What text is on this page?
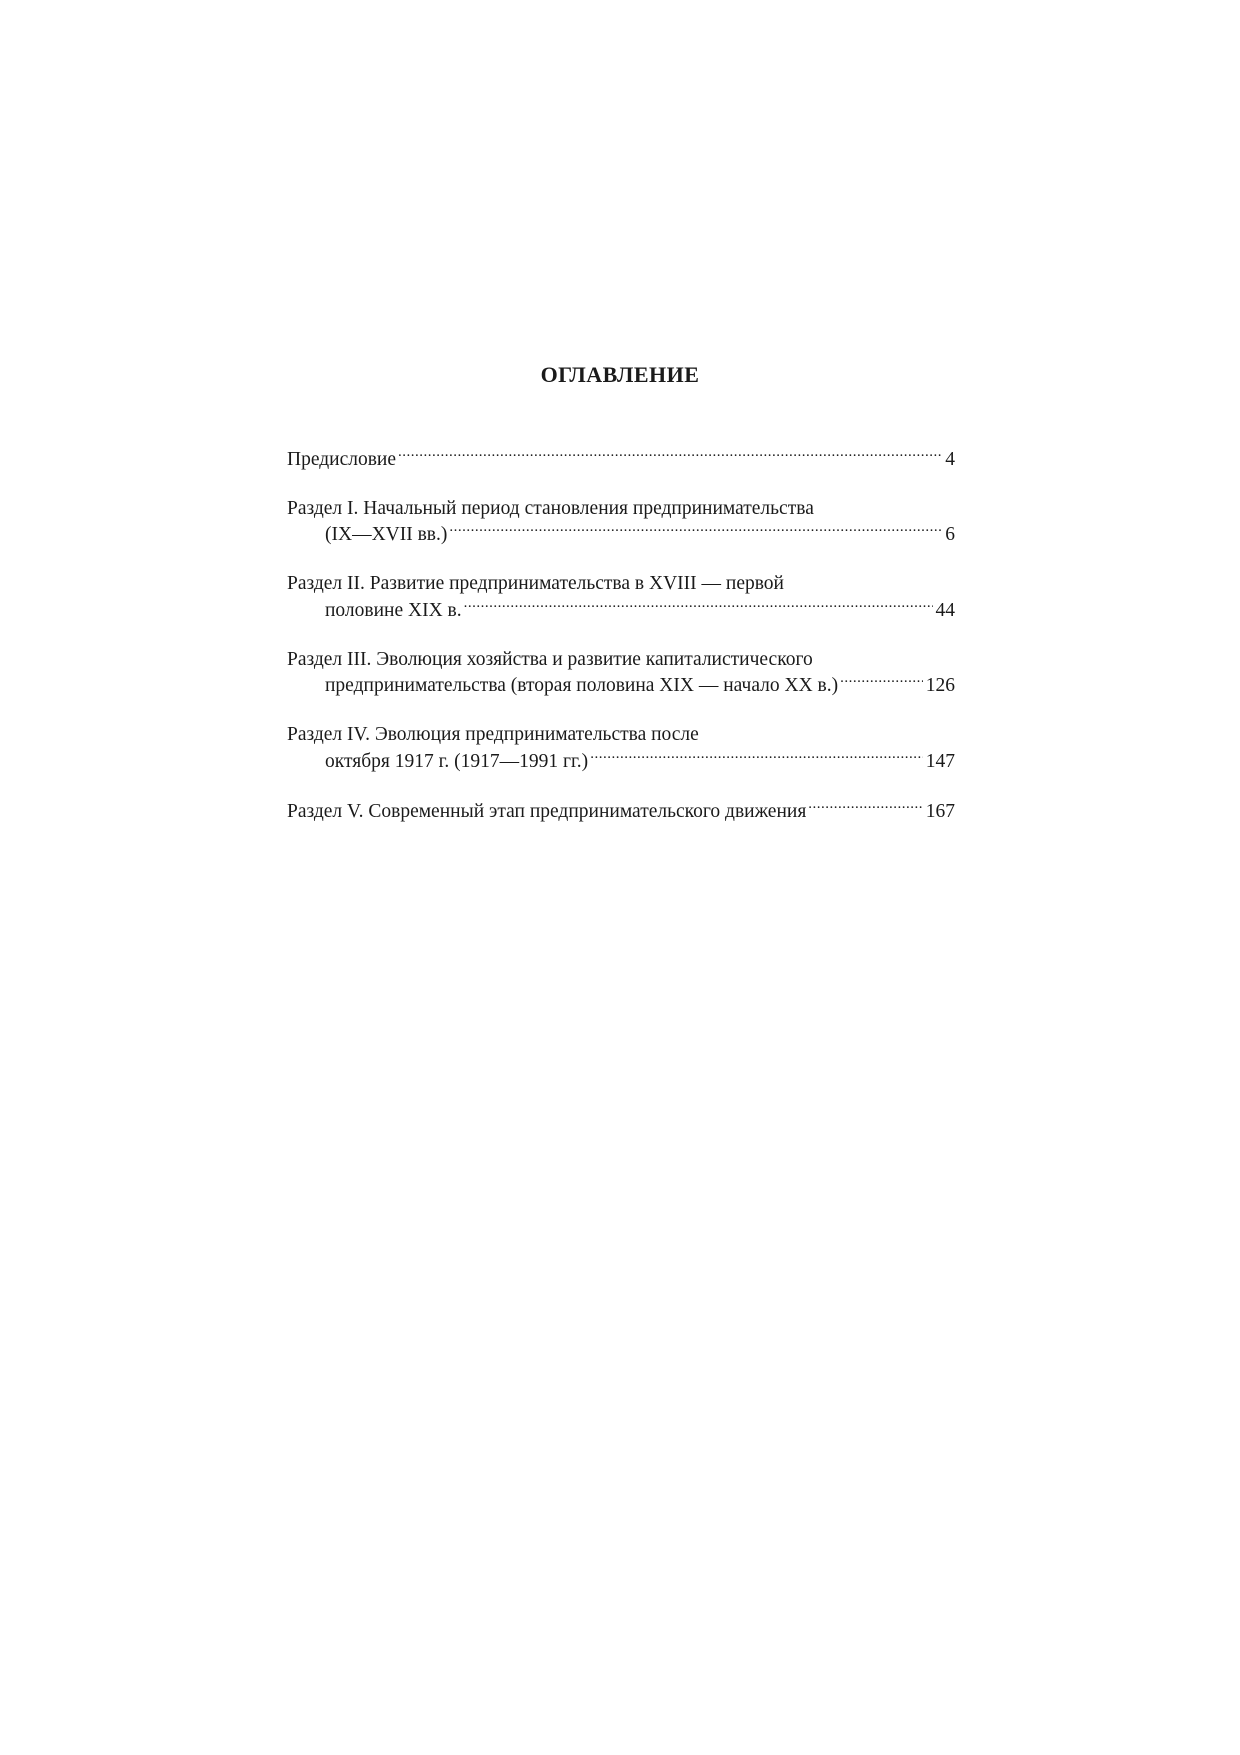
ОГЛАВЛЕНИЕ
Предисловие .....	4
Раздел I. Начальный период становления предпринимательства
(IX—XVII вв.) .....	6
Раздел II. Развитие предпринимательства в XVIII — первой
половине XIX в. .....	44
Раздел III. Эволюция хозяйства и развитие капиталистического
предпринимательства (вторая половина XIX — начало XX в.) .....	126
Раздел IV. Эволюция предпринимательства после
октября 1917 г. (1917—1991 гг.) .....	147
Раздел V. Современный этап предпринимательского движения .....	167
